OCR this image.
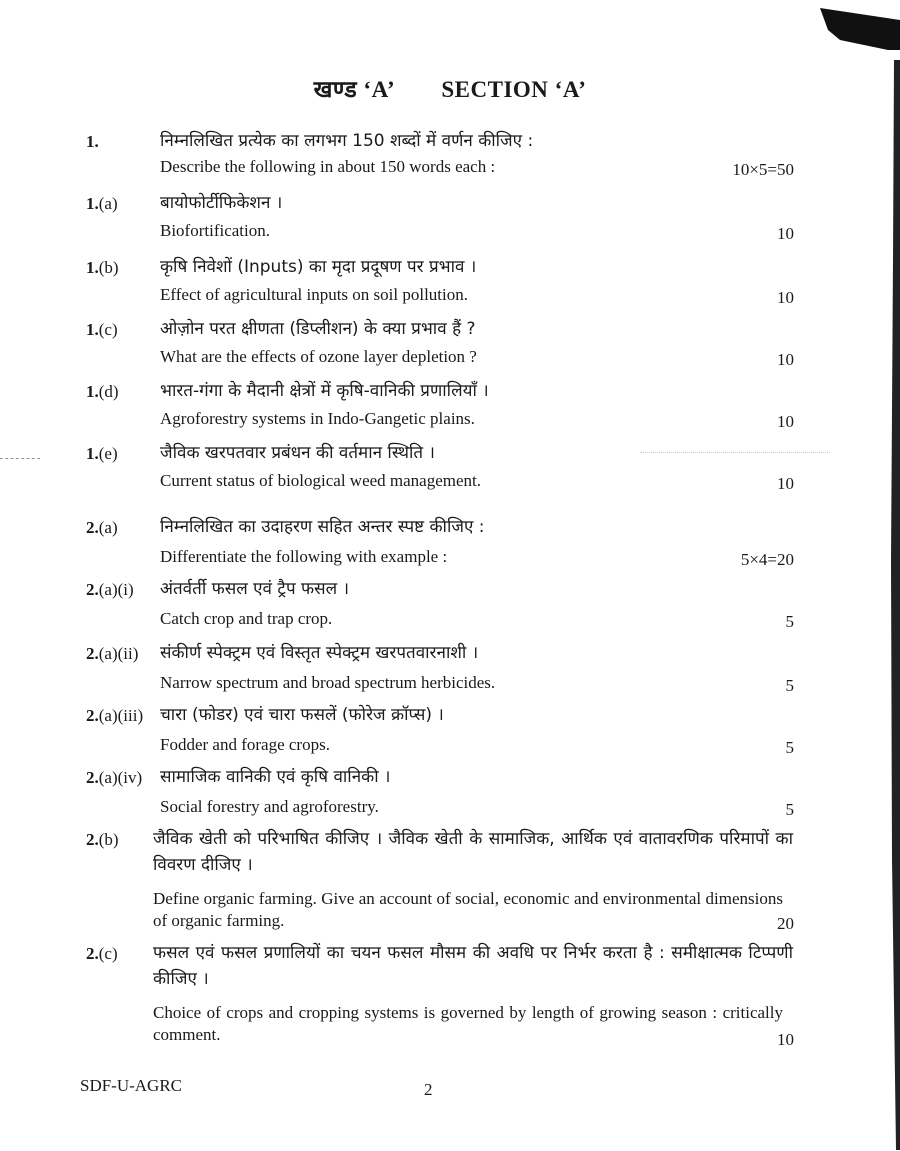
खण्ड ‘A’ SECTION ‘A’
1.	निम्नलिखित प्रत्येक का लगभग 150 शब्दों में वर्णन कीजिए :
Describe the following in about 150 words each :	10×5=50
1.(a) बायोफोर्टीफिकेशन ।
Biofortification.	10
1.(b) कृषि निवेशों (Inputs) का मृदा प्रदूषण पर प्रभाव ।
Effect of agricultural inputs on soil pollution.	10
1.(c) ओज़ोन परत क्षीणता (डिप्लीशन) के क्या प्रभाव हैं ?
What are the effects of ozone layer depletion ?	10
1.(d) भारत-गंगा के मैदानी क्षेत्रों में कृषि-वानिकी प्रणालियाँ ।
Agroforestry systems in Indo-Gangetic plains.	10
1.(e) जैविक खरपतवार प्रबंधन की वर्तमान स्थिति ।
Current status of biological weed management.	10
2.(a) निम्नलिखित का उदाहरण सहित अन्तर स्पष्ट कीजिए :
Differentiate the following with example :	5×4=20
2.(a)(i) अंतर्वर्ती फसल एवं ट्रैप फसल ।
Catch crop and trap crop.	5
2.(a)(ii) संकीर्ण स्पेक्ट्रम एवं विस्तृत स्पेक्ट्रम खरपतवारनाशी ।
Narrow spectrum and broad spectrum herbicides.	5
2.(a)(iii) चारा (फोडर) एवं चारा फसलें (फोरेज क्रॉप्स) ।
Fodder and forage crops.	5
2.(a)(iv) सामाजिक वानिकी एवं कृषि वानिकी ।
Social forestry and agroforestry.	5
2.(b) जैविक खेती को परिभाषित कीजिए । जैविक खेती के सामाजिक, आर्थिक एवं वातावरणिक परिमापों का विवरण दीजिए ।
Define organic farming. Give an account of social, economic and environmental dimensions of organic farming.	20
2.(c) फसल एवं फसल प्रणालियों का चयन फसल मौसम की अवधि पर निर्भर करता है : समीक्षात्मक टिप्पणी कीजिए ।
Choice of crops and cropping systems is governed by length of growing season : critically comment.	10
SDF-U-AGRC	2
